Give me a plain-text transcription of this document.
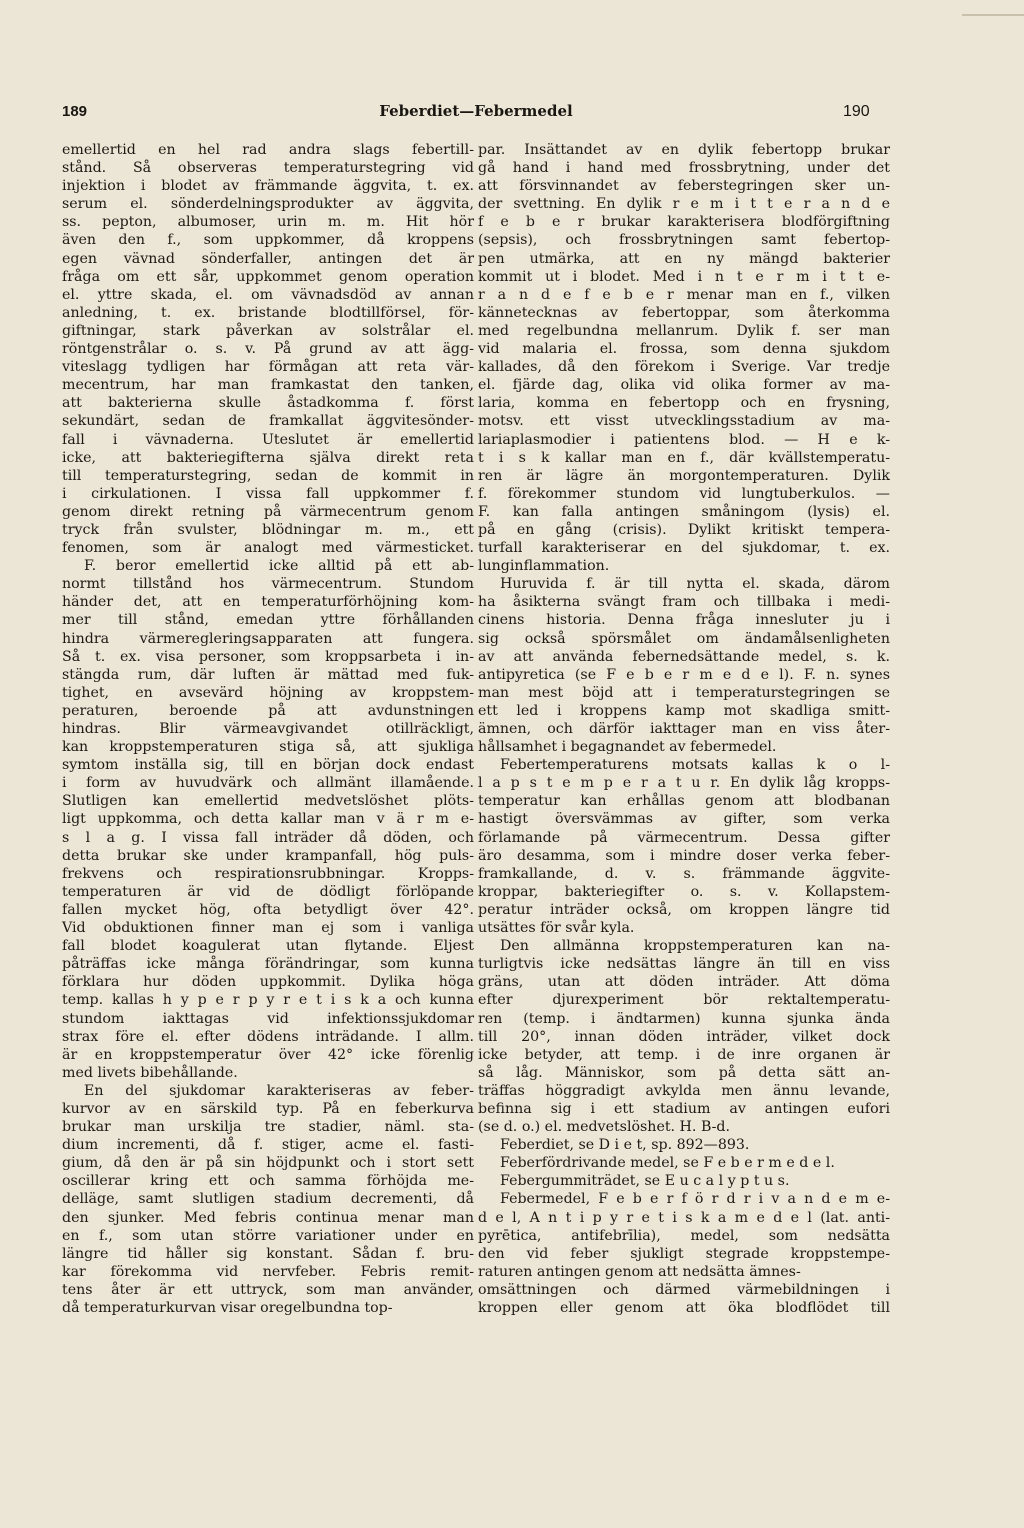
189	Feberdiet—Febermedel	190
emellertid en hel rad andra slags febertill-
stånd. Så observeras temperaturstegring vid
injektion i blodet av främmande äggvita, t. ex.
serum el. sönderdelningsprodukter av äggvita,
ss. pepton, albumoser, urin m. m. Hit hör
även den f., som uppkommer, då kroppens
egen vävnad sönderfaller, antingen det är
fråga om ett sår, uppkommet genom operation
el. yttre skada, el. om vävnadsdöd av annan
anledning, t. ex. bristande blodtillförsel, för-
giftningar, stark påverkan av solstrålar el.
röntgenstrålar o. s. v. På grund av att ägg-
viteslagg tydligen har förmågan att reta vär-
mecentrum, har man framkastat den tanken,
att bakterierna skulle åstadkomma f. först
sekundärt, sedan de framkallat äggvitesönder-
fall i vävnaderna. Uteslutet är emellertid
icke, att bakteriegifterna själva direkt reta
till temperaturstegring, sedan de kommit in
i cirkulationen. I vissa fall uppkommer f.
genom direkt retning på värmecentrum genom
tryck från svulster, blödningar m. m., ett
fenomen, som är analogt med värmesticket.
F. beror emellertid icke alltid på ett ab-
normt tillstånd hos värmecentrum. Stundom
händer det, att en temperaturförhöjning kom-
mer till stånd, emedan yttre förhållanden
hindra värmeregleringsapparaten att fungera.
Så t. ex. visa personer, som kroppsarbeta i in-
stängda rum, där luften är mättad med fuk-
tighet, en avsevärd höjning av kroppstem-
peraturen, beroende på att avdunstningen
hindras. Blir värmeavgivandet otillräckligt,
kan kroppstemperaturen stiga så, att sjukliga
symtom inställa sig, till en början dock endast
i form av huvudvärk och allmänt illamående.
Slutligen kan emellertid medvetslöshet plöts-
ligt uppkomma, och detta kallar man v ä r m e-
s l a g. I vissa fall inträder då döden, och
detta brukar ske under krampanfall, hög puls-
frekvens och respirationsrubbningar. Kropps-
temperaturen är vid de dödligt förlöpande
fallen mycket hög, ofta betydligt över 42°.
Vid obduktionen finner man ej som i vanliga
fall blodet koagulerat utan flytande. Eljest
påträffas icke många förändringar, som kunna
förklara hur döden uppkommit. Dylika höga
temp. kallas h y p e r p y r e t i s k a och kunna
stundom iakttagas vid infektionssjukdomar
strax före el. efter dödens inträdande. I allm.
är en kroppstemperatur över 42° icke förenlig
med livets bibehållande.
En del sjukdomar karakteriseras av feber-
kurvor av en särskild typ. På en feberkurva
brukar man urskilja tre stadier, näml. sta-
dium incrementi, då f. stiger, acme el. fasti-
gium, då den är på sin höjdpunkt och i stort sett
oscillerar kring ett och samma förhöjda me-
delläge, samt slutligen stadium decrementi, då
den sjunker. Med febris continua menar man
en f., som utan större variationer under en
längre tid håller sig konstant. Sådan f. bru-
kar förekomma vid nervfeber. Febris remit-
tens åter är ett uttryck, som man använder,
då temperaturkurvan visar oregelbundna top-
par. Insättandet av en dylik febertopp brukar
gå hand i hand med frossbrytning, under det
att försvinnandet av feberstegringen sker un-
der svettning. En dylik r e m i t t e r a n d e
f e b e r brukar karakterisera blodförgiftning
(sepsis), och frossbrytningen samt febertop-
pen utmärka, att en ny mängd bakterier
kommit ut i blodet. Med i n t e r m i t t e-
r a n d e f e b e r menar man en f., vilken
kännetecknas av febertoppar, som återkomma
med regelbundna mellanrum. Dylik f. ser man
vid malaria el. frossa, som denna sjukdom
kallades, då den förekom i Sverige. Var tredje
el. fjärde dag, olika vid olika former av ma-
laria, komma en febertopp och en frysning,
motsv. ett visst utvecklingsstadium av ma-
lariaplasmodier i patientens blod. — H e k-
t i s k kallar man en f., där kvällstemperatu-
ren är lägre än morgontemperaturen. Dylik
f. förekommer stundom vid lungtuberkulos. —
F. kan falla antingen småningom (lysis) el.
på en gång (crisis). Dylikt kritiskt tempera-
turfall karakteriserar en del sjukdomar, t. ex.
lunginflammation.
Huruvida f. är till nytta el. skada, därom
ha åsikterna svängt fram och tillbaka i medi-
cinens historia. Denna fråga innesluter ju i
sig också spörsmålet om ändamålsenligheten
av att använda febernedsättande medel, s. k.
antipyretica (se F e b e r m e d e l). F. n. synes
man mest böjd att i temperaturstegringen se
ett led i kroppens kamp mot skadliga smitt-
ämnen, och därför iakttager man en viss åter-
hållsamhet i begagnandet av febermedel.
Febertemperaturens motsats kallas k o l-
l a p s t e m p e r a t u r. En dylik låg kropps-
temperatur kan erhållas genom att blodbanan
hastigt översvämmas av gifter, som verka
förlamande på värmecentrum. Dessa gifter
äro desamma, som i mindre doser verka feber-
framkallande, d. v. s. främmande äggvite-
kroppar, bakteriegifter o. s. v. Kollapstem-
peratur inträder också, om kroppen längre tid
utsättes för svår kyla.
Den allmänna kroppstemperaturen kan na-
turligtvis icke nedsättas längre än till en viss
gräns, utan att döden inträder. Att döma
efter djurexperiment bör rektaltemperatu-
ren (temp. i ändtarmen) kunna sjunka ända
till 20°, innan döden inträder, vilket dock
icke betyder, att temp. i de inre organen är
så låg. Människor, som på detta sätt an-
träffas höggradigt avkylda men ännu levande,
befinna sig i ett stadium av antingen eufori
(se d. o.) el. medvetslöshet. H. B-d.
Feberdiet, se D i e t, sp. 892—893.
Feberfördrivande medel, se F e b e r m e d e l.
Febergummiträdet, se E u c a l y p t u s.
Febermedel, F e b e r f ö r d r i v a n d e m e-
d e l, A n t i p y r e t i s k a m e d e l (lat. anti-
pyrētica, antifebrīlia), medel, som nedsätta
den vid feber sjukligt stegrade kroppstempe-
raturen antingen genom att nedsätta ämnes-
omsättningen och därmed värmebildningen i
kroppen eller genom att öka blodflödet till
